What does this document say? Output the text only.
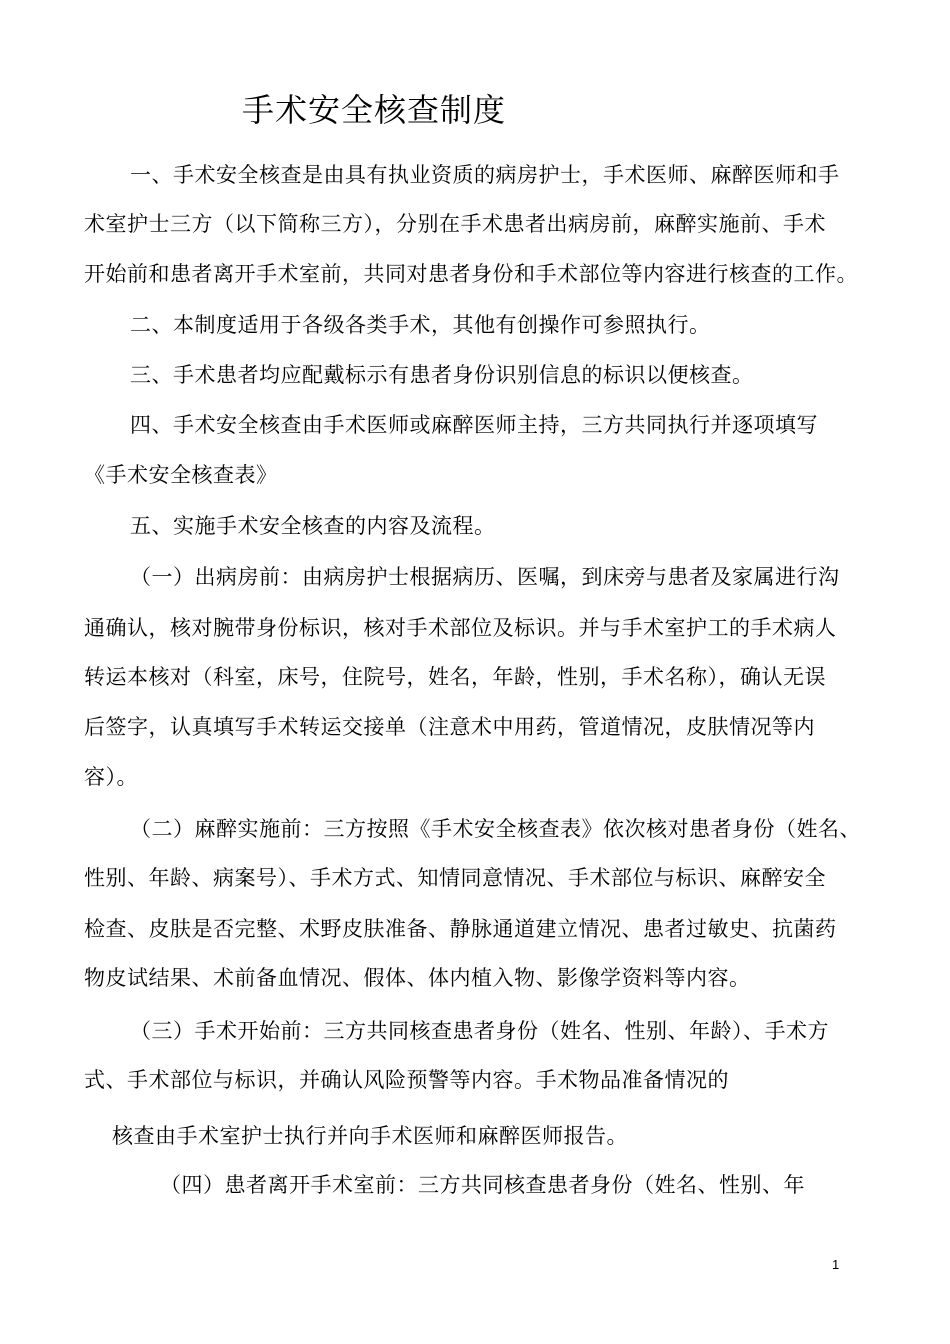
手术安全核查制度
一、手术安全核查是由具有执业资质的病房护士，手术医师、麻醉医师和手
术室护士三方（以下简称三方），分别在手术患者出病房前，麻醉实施前、手术
开始前和患者离开手术室前，共同对患者身份和手术部位等内容进行核查的工作。
二、本制度适用于各级各类手术，其他有创操作可参照执行。
三、手术患者均应配戴标示有患者身份识别信息的标识以便核查。
四、手术安全核查由手术医师或麻醉医师主持，三方共同执行并逐项填写
《手术安全核查表》
五、实施手术安全核查的内容及流程。
（一）出病房前：由病房护士根据病历、医嘱，到床旁与患者及家属进行沟
通确认，核对腕带身份标识，核对手术部位及标识。并与手术室护工的手术病人
转运本核对（科室，床号，住院号，姓名，年龄，性别，手术名称），确认无误
后签字，认真填写手术转运交接单（注意术中用药，管道情况，皮肤情况等内
容）。
（二）麻醉实施前：三方按照《手术安全核查表》依次核对患者身份（姓名、
性别、年龄、病案号）、手术方式、知情同意情况、手术部位与标识、麻醉安全
检查、皮肤是否完整、术野皮肤准备、静脉通道建立情况、患者过敏史、抗菌药
物皮试结果、术前备血情况、假体、体内植入物、影像学资料等内容。
（三）手术开始前：三方共同核查患者身份（姓名、性别、年龄）、手术方
式、手术部位与标识，并确认风险预警等内容。手术物品准备情况的
核查由手术室护士执行并向手术医师和麻醉医师报告。
（四）患者离开手术室前：三方共同核查患者身份（姓名、性别、年
1
